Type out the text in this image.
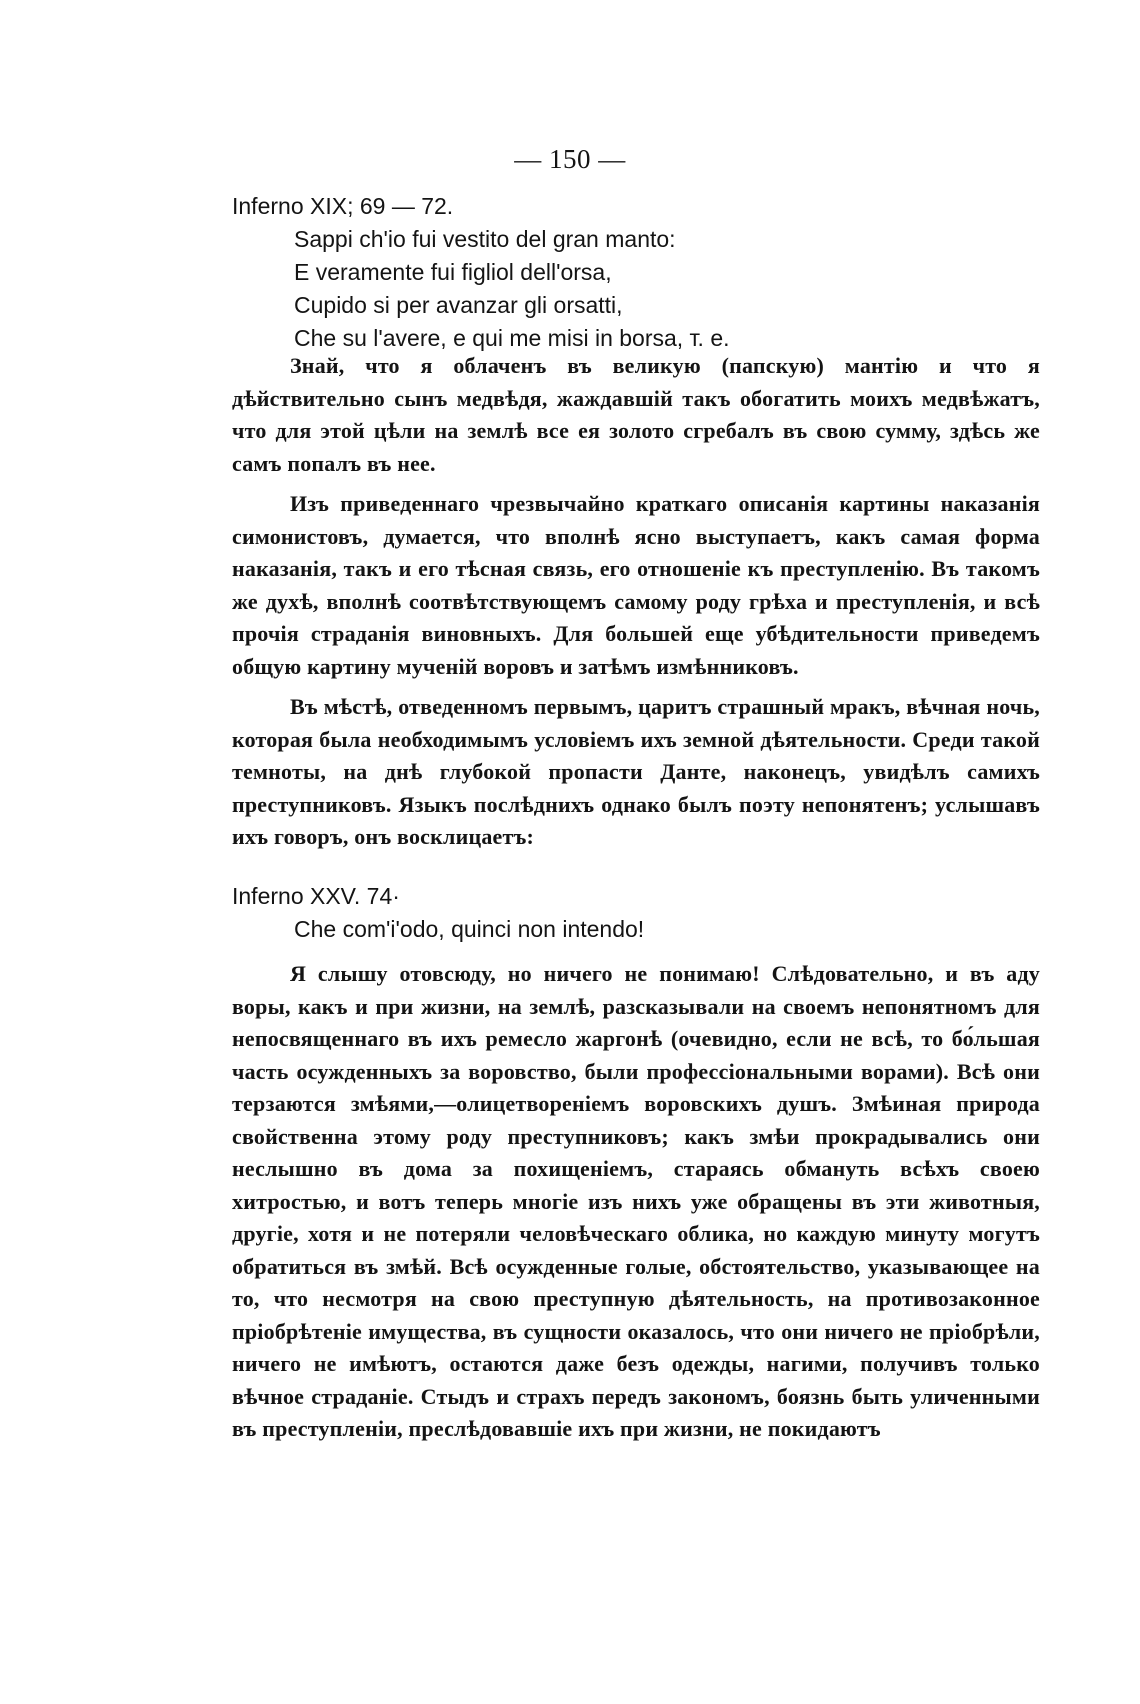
— 150 —

Inferno XIX; 69 — 72.

Sappi ch'io fui vestito del gran manto:
E veramente fui figliol dell'orsa,
Cupido si per avanzar gli orsatti,
Che su l'avere, e qui me misi in borsa, т. е.

Знай, что я облаченъ въ великую (папскую) мантію и что я дѣйствительно сынъ медвѣдя, жаждавшій такъ обогатить моихъ медвѣжатъ, что для этой цѣли на землѣ все ея золото сгребалъ въ свою сумму, здѣсь же самъ попалъ въ нее.

Изъ приведеннаго чрезвычайно краткаго описанія картины наказанія симонистовъ, думается, что вполнѣ ясно выступаетъ, какъ самая форма наказанія, такъ и его тѣсная связь, его отношеніе къ преступленію. Въ такомъ же духѣ, вполнѣ соотвѣтствующемъ самому роду грѣха и преступленія, и всѣ прочія страданія виновныхъ. Для большей еще убѣдительности приведемъ общую картину мученій воровъ и затѣмъ измѣнниковъ.

Въ мѣстѣ, отведенномъ первымъ, царитъ страшный мракъ, вѣчная ночь, которая была необходимымъ условіемъ ихъ земной дѣятельности. Среди такой темноты, на днѣ глубокой пропасти Данте, наконецъ, увидѣлъ самихъ преступниковъ. Языкъ послѣднихъ однако былъ поэту непонятенъ; услышавъ ихъ говоръ, онъ восклицаетъ:

Inferno XXV. 74·

Che com'i'odo, quinci non intendo!

Я слышу отовсюду, но ничего не понимаю! Слѣдовательно, и въ аду воры, какъ и при жизни, на землѣ, разсказывали на своемъ непонятномъ для непосвященнаго въ ихъ ремесло жаргонѣ (очевидно, если не всѣ, то бо́льшая часть осужденныхъ за воровство, были профессіональными ворами). Всѣ они терзаются змѣями,—олицетвореніемъ воровскихъ душъ. Змѣиная природа свойственна этому роду преступниковъ; какъ змѣи прокрадывались они неслышно въ дома за похищеніемъ, стараясь обмануть всѣхъ своею хитростью, и вотъ теперь многіе изъ нихъ уже обращены въ эти животныя, другіе, хотя и не потеряли человѣческаго облика, но каждую минуту могутъ обратиться въ змѣй. Всѣ осужденные голые, обстоятельство, указывающее на то, что несмотря на свою преступную дѣятельность, на противозаконное пріобрѣтеніе имущества, въ сущности оказалось, что они ничего не пріобрѣли, ничего не имѣютъ, остаются даже безъ одежды, нагими, получивъ только вѣчное страданіе. Стыдъ и страхъ передъ закономъ, боязнь быть уличенными въ преступленіи, преслѣдовавшіе ихъ при жизни, не покидаютъ
